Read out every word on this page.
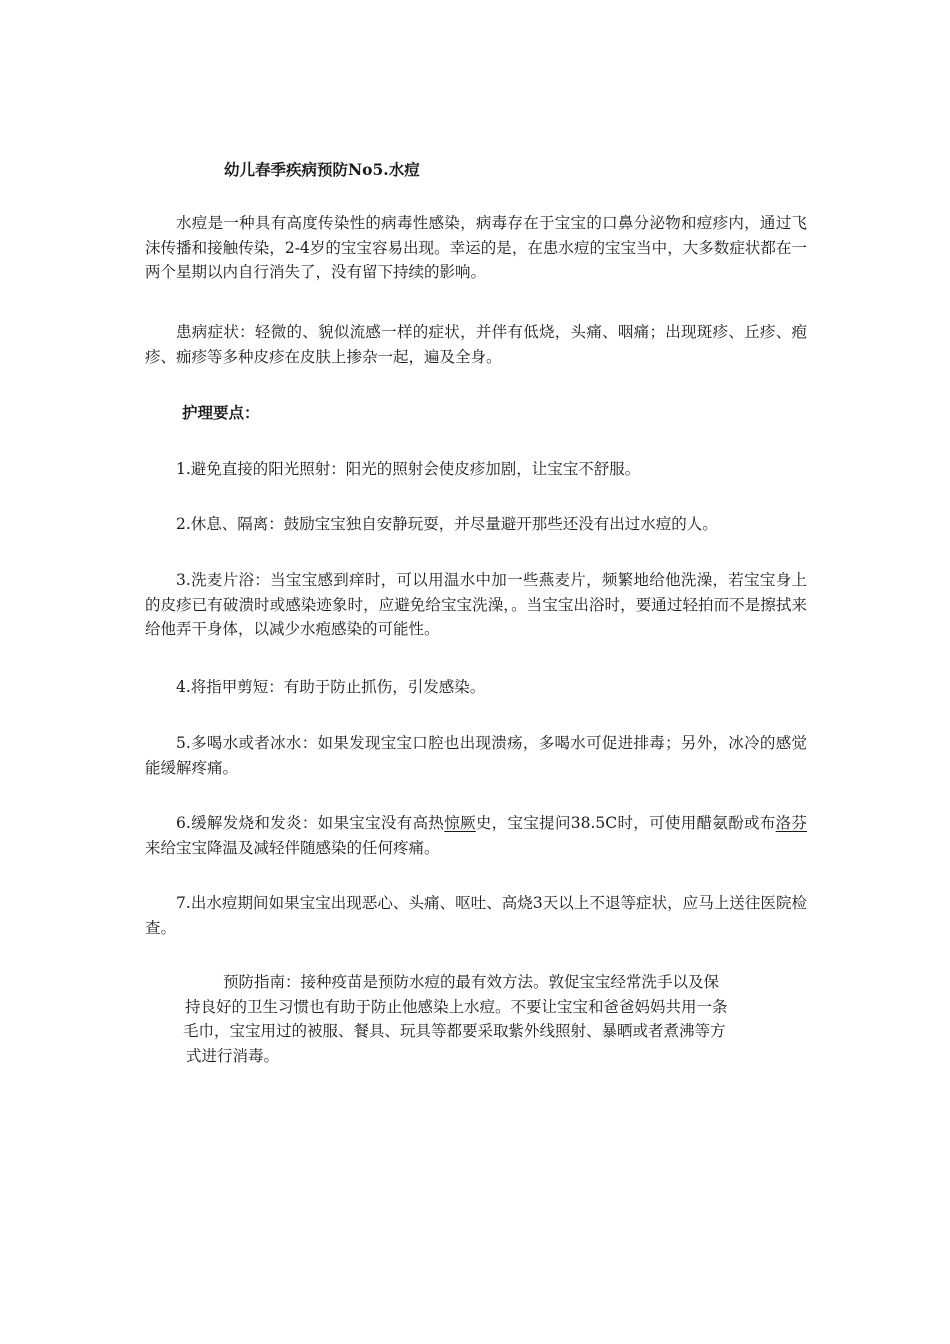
幼儿春季疾病预防No5.水痘

水痘是一种具有高度传染性的病毒性感染，病毒存在于宝宝的口鼻分泌物和痘疹内，通过飞沫传播和接触传染，2-4岁的宝宝容易出现。幸运的是，在患水痘的宝宝当中，大多数症状都在一两个星期以内自行消失了，没有留下持续的影响。

患病症状：轻微的、貌似流感一样的症状，并伴有低烧，头痛、咽痛；出现斑疹、丘疹、疱疹、痂疹等多种皮疹在皮肤上掺杂一起，遍及全身。

护理要点：

1.避免直接的阳光照射：阳光的照射会使皮疹加剧，让宝宝不舒服。

2.休息、隔离：鼓励宝宝独自安静玩耍，并尽量避开那些还没有出过水痘的人。

3.洗麦片浴：当宝宝感到痒时，可以用温水中加一些燕麦片，频繁地给他洗澡，若宝宝身上的皮疹已有破溃时或感染迹象时，应避免给宝宝洗澡，。当宝宝出浴时，要通过轻拍而不是擦拭来给他弄干身体，以减少水疱感染的可能性。

4.将指甲剪短：有助于防止抓伤，引发感染。

5.多喝水或者冰水：如果发现宝宝口腔也出现溃疡，多喝水可促进排毒；另外，冰冷的感觉能缓解疼痛。

6.缓解发烧和发炎：如果宝宝没有高热惊厥史，宝宝提问38.5C时，可使用醋氨酚或布洛芬来给宝宝降温及减轻伴随感染的任何疼痛。

7.出水痘期间如果宝宝出现恶心、头痛、呕吐、高烧3天以上不退等症状，应马上送往医院检查。

预防指南：接种疫苗是预防水痘的最有效方法。敦促宝宝经常洗手以及保
持良好的卫生习惯也有助于防止他感染上水痘。不要让宝宝和爸爸妈妈共用一条
毛巾，宝宝用过的被服、餐具、玩具等都要采取紫外线照射、暴晒或者煮沸等方
式进行消毒。
